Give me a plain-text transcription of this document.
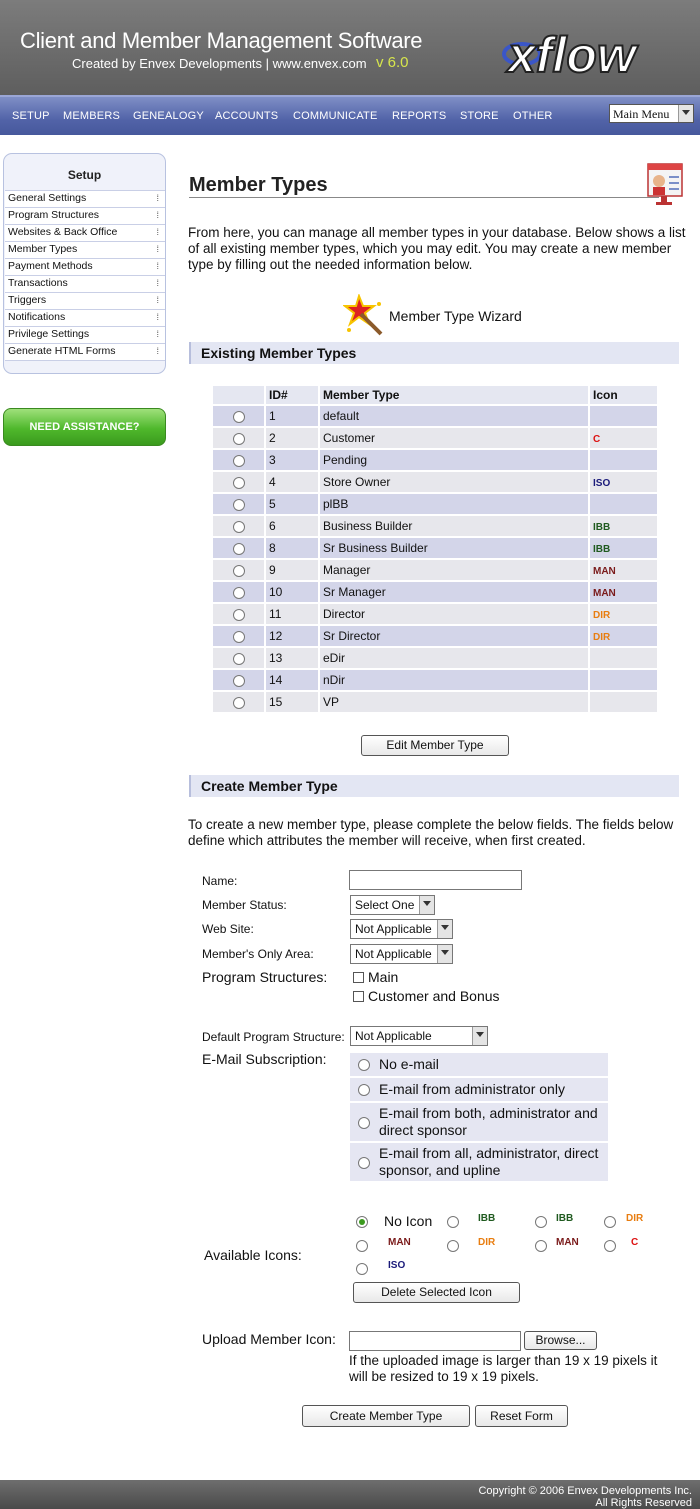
Client and Member Management Software
Created by Envex Developments | www.envex.com v 6.0 xflow
SETUP MEMBERS GENEALOGY ACCOUNTS COMMUNICATE REPORTS STORE OTHER	Main Menu
Setup
General Settings	⁞
Program Structures	⁞
Websites & Back Office	⁞
Member Types	⁞
Payment Methods	⁞
Transactions	⁞
Triggers	⁞
Notifications	⁞
Privilege Settings	⁞
Generate HTML Forms	⁞
NEED ASSISTANCE?
Member Types
From here, you can manage all member types in your database. Below shows a list of all existing member types, which you may edit. You may create a new member type by filling out the needed information below.
Member Type Wizard
Existing Member Types
	ID#	Member Type	Icon
	1	default	
	2	Customer	C
	3	Pending	
	4	Store Owner	ISO
	5	plBB	
	6	Business Builder	IBB
	8	Sr Business Builder	IBB
	9	Manager	MAN
	10	Sr Manager	MAN
	11	Director	DIR
	12	Sr Director	DIR
	13	eDir	
	14	nDir	
	15	VP	
Edit Member Type
Create Member Type
To create a new member type, please complete the below fields. The fields below define which attributes the member will receive, when first created.
Name:
Member Status:	Select One
Web Site:	Not Applicable
Member's Only Area:	Not Applicable
Program Structures:	Main
Customer and Bonus
Default Program Structure: Not Applicable
E-Mail Subscription:	No e-mail
E-mail from administrator only
E-mail from both, administrator and direct sponsor
E-mail from all, administrator, direct sponsor, and upline
Available Icons:
No Icon	IBB	IBB	DIR
MAN	DIR	MAN	C
ISO
Delete Selected Icon
Upload Member Icon:	Browse...
If the uploaded image is larger than 19 x 19 pixels it will be resized to 19 x 19 pixels.
Create Member Type	Reset Form
Copyright © 2006 Envex Developments Inc.
All Rights Reserved
